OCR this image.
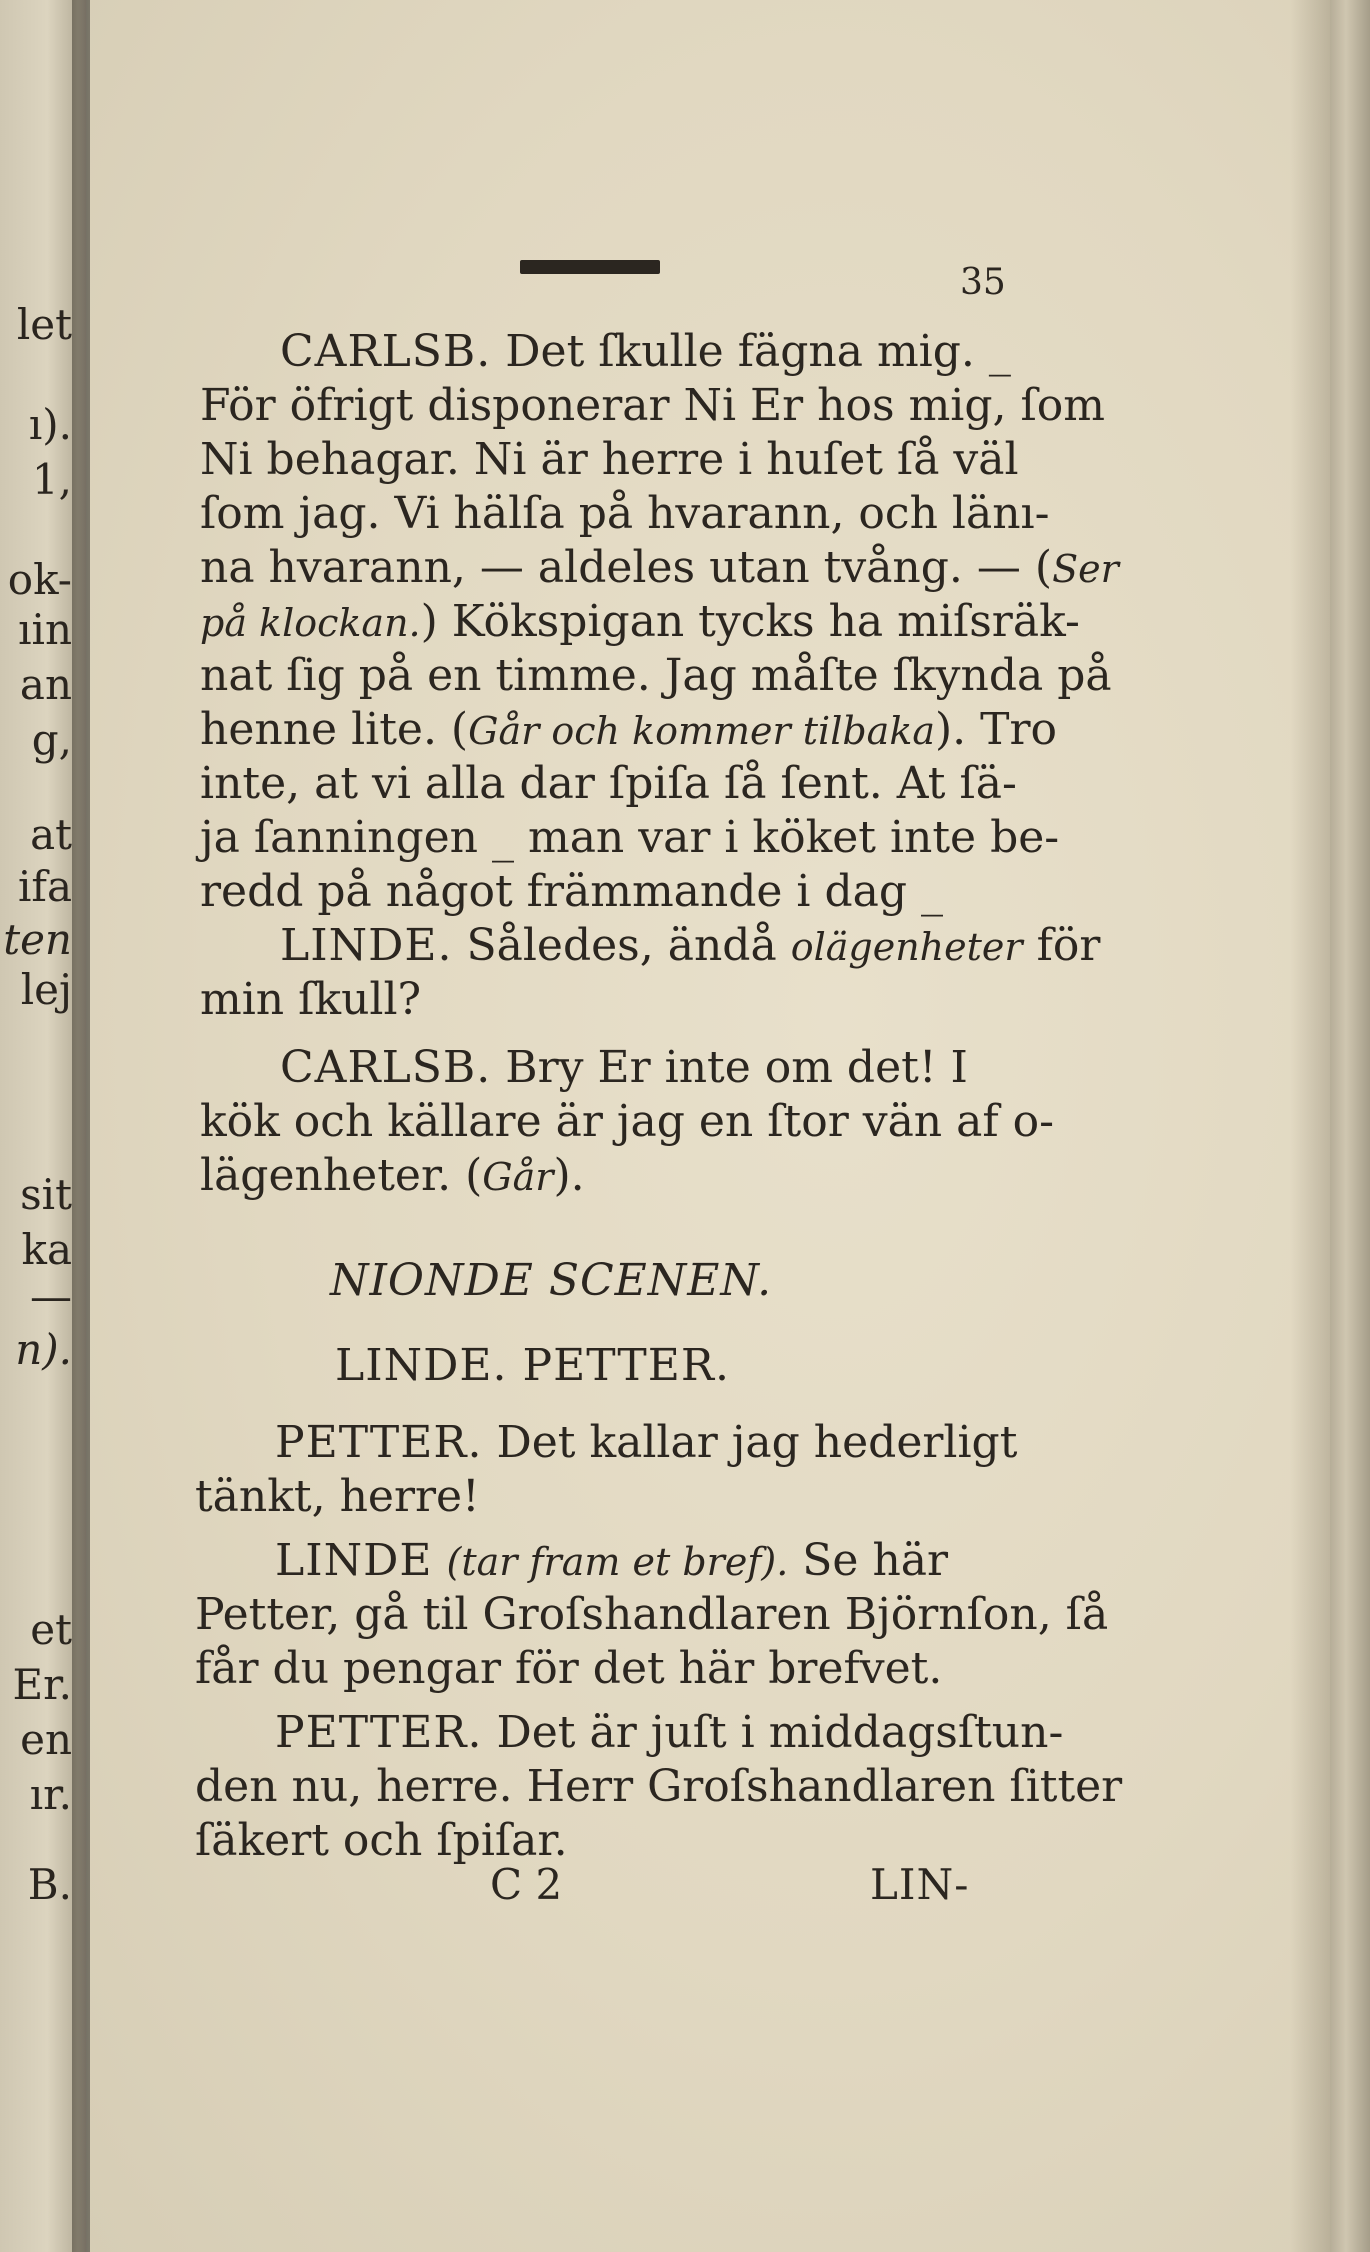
let
ı).
1,
ok-
ıin
an
g,
at
ifa
ten
lej
sit
ka
—
n).
et
Er.
en
ır.
B.
35
CARLSB. Det ſkulle fägna mig. _
För öfrigt disponerar Ni Er hos mig, ſom
Ni behagar. Ni är herre i huſet ſå väl
ſom jag. Vi hälſa på hvarann, och länı-
na hvarann, — aldeles utan tvång. — (Ser
på klockan.) Kökspigan tycks ha miſsräk-
nat ſig på en timme. Jag måſte ſkynda på
henne lite. (Går och kommer tilbaka). Tro
inte, at vi alla dar ſpiſa ſå ſent. At ſä-
ja ſanningen _ man var i köket inte be-
redd på något främmande i dag _
LINDE. Således, ändå olägenheter för
min ſkull?
CARLSB. Bry Er inte om det! I
kök och källare är jag en ſtor vän af o-
lägenheter. (Går).
NIONDE SCENEN.
LINDE. PETTER.
PETTER. Det kallar jag hederligt
tänkt, herre!
LINDE (tar fram et bref). Se här
Petter, gå til Groſshandlaren Björnſon, ſå
får du pengar för det här brefvet.
PETTER. Det är juſt i middagsſtun-
den nu, herre. Herr Groſshandlaren ſitter
ſäkert och ſpiſar.
C 2	LIN-
